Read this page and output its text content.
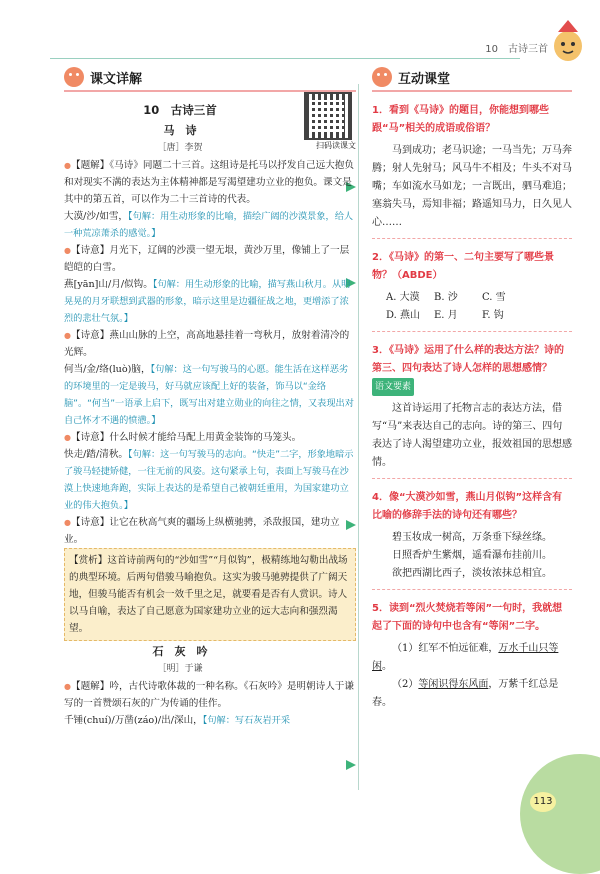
10　古诗三首
课文详解
扫码读课文
10　古诗三首
马　诗
［唐］李贺

●【题解】《马诗》同题二十三首。这组诗是托马以抒发自己远大抱负和对现实不满的表达为主体精神都是写渴望建功立业的抱负。课文是其中的第五首，可以作为二十三首诗的代表。

大漠/沙/如雪，【句解：用生动形象的比喻，描绘广阔的沙漠景象，给人一种荒凉萧杀的感觉。】

●【诗意】月光下，辽阔的沙漠一望无垠，黄沙万里，像铺上了一层皑皑的白雪。

燕[yān]山/月/似钩。【句解：用生动形象的比喻，描写燕山秋月。从明晃晃的月牙联想到武器的形象，暗示这里是边疆征战之地，更增添了浓烈的悲壮气氛。】

●【诗意】燕山山脉的上空，高高地悬挂着一弯秋月，放射着清冷的光辉。

何当/金/络(luò)脑，【句解：这一句写骏马的心愿。能生活在这样恶劣的环境里的一定是骏马，好马就应该配上好的装备，饰马以“金络脑”。“何当”一语承上启下，既写出对建立勋业的向往之情，又表现出对自己怀才不遇的愤懑。】

●【诗意】什么时候才能给马配上用黄金装饰的马笼头。

快走/踏/清秋。【句解：这一句写骏马的志向。“快走”二字，形象地暗示了骏马轻捷矫健，一往无前的风姿。这句紧承上句，表面上写骏马在沙漠上快速地奔跑，实际上表达的是希望自己被朝廷重用，为国家建功立业的伟大抱负。】

●【诗意】让它在秋高气爽的疆场上纵横驰骋，杀敌报国，建功立业。

【赏析】这首诗前两句的“沙如雪”“月似钩”，极精练地勾勒出战场的典型环境。后两句借骏马喻抱负。这实为骏马驰骋提供了广阔天地，但骏马能否有机会一效千里之足，就要看是否有人赏识。诗人以马自喻，表达了自己愿意为国家建功立业的远大志向和强烈渴望。

石　灰　吟
［明］于谦

●【题解】吟，古代诗歌体裁的一种名称。《石灰吟》是明朝诗人于谦写的一首赞颂石灰的广为传诵的佳作。

千锤(chuí)/万凿(záo)/出/深山，【句解：写石灰岩开采

互动课堂
1．看到《马诗》的题目，你能想到哪些跟“马”相关的成语或俗语？

马到成功；老马识途；一马当先；万马奔腾；射人先射马；风马牛不相及；牛头不对马嘴；车如流水马如龙；一言既出，驷马难追；塞翁失马，焉知非福；路遥知马力，日久见人心……

2．《马诗》的第一、二句主要写了哪些景物？（ABDE）
A. 大漠 B. 沙 C. 雪
D. 燕山 E. 月 F. 钩
3．《马诗》运用了什么样的表达方法？诗的第三、四句表达了诗人怎样的思想感情？ 语文要素

这首诗运用了托物言志的表达方法，借写“马”来表达自己的志向。诗的第三、四句表达了诗人渴望建功立业，报效祖国的思想感情。

4．像“大漠沙如雪，燕山月似钩”这样含有比喻的修辞手法的诗句还有哪些？

碧玉妆成一树高，万条垂下绿丝绦。

日照香炉生紫烟，遥看瀑布挂前川。

欲把西湖比西子，淡妆浓抹总相宜。

5．读到“烈火焚烧若等闲”一句时，我就想起了下面的诗句中也含有“等闲”二字。

（1）红军不怕远征难，万水千山只等闲。

（2）等闲识得东风面，万紫千红总是春。

113
